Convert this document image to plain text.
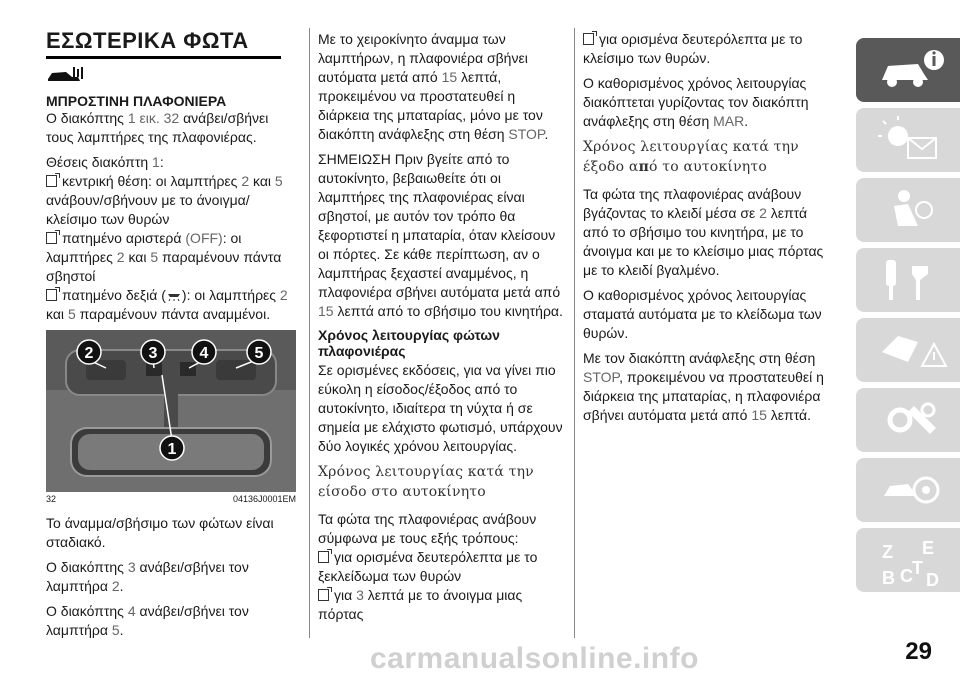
ΕΣΩΤΕΡΙΚΑ ΦΩΤΑ
ΜΠΡΟΣΤΙΝΗ ΠΛΑΦΟΝΙΕΡΑ

Ο διακόπτης 1 εικ. 32 ανάβει/σβήνει τους λαμπτήρες της πλαφονιέρας.

Θέσεις διακόπτη 1:
κεντρική θέση: οι λαμπτήρες 2 και 5 ανάβουν/σβήνουν με το άνοιγμα/κλείσιμο των θυρών
πατημένο αριστερά (OFF): οι λαμπτήρες 2 και 5 παραμένουν πάντα σβηστοί
πατημένο δεξιά ( ): οι λαμπτήρες 2 και 5 παραμένουν πάντα αναμμένοι.

2	3	4	5
1
32	04136J0001EM

Το άναμμα/σβήσιμο των φώτων είναι σταδιακό.

Ο διακόπτης 3 ανάβει/σβήνει τον λαμπτήρα 2.

Ο διακόπτης 4 ανάβει/σβήνει τον λαμπτήρα 5.

Με το χειροκίνητο άναμμα των λαμπτήρων, η πλαφονιέρα σβήνει αυτόματα μετά από 15 λεπτά, προκειμένου να προστατευθεί η διάρκεια της μπαταρίας, μόνο με τον διακόπτη ανάφλεξης στη θέση STOP.

ΣΗΜΕΙΩΣΗ Πριν βγείτε από το αυτοκίνητο, βεβαιωθείτε ότι οι λαμπτήρες της πλαφονιέρας είναι σβηστοί, με αυτόν τον τρόπο θα ξεφορτιστεί η μπαταρία, όταν κλείσουν οι πόρτες. Σε κάθε περίπτωση, αν ο λαμπτήρας ξεχαστεί αναμμένος, η πλαφονιέρα σβήνει αυτόματα μετά από 15 λεπτά από το σβήσιμο του κινητήρα.

Χρόνος λειτουργίας φώτων πλαφονιέρας

Σε ορισμένες εκδόσεις, για να γίνει πιο εύκολη η είσοδος/έξοδος από το αυτοκίνητο, ιδιαίτερα τη νύχτα ή σε σημεία με ελάχιστο φωτισμό, υπάρχουν δύο λογικές χρόνου λειτουργίας.

Χρόνος λειτουργίας κατά την είσοδο στο αυτοκίνητο

Τα φώτα της πλαφονιέρας ανάβουν σύμφωνα με τους εξής τρόπους:
για ορισμένα δευτερόλεπτα με το ξεκλείδωμα των θυρών
για 3 λεπτά με το άνοιγμα μιας πόρτας

για ορισμένα δευτερόλεπτα με το κλείσιμο των θυρών.

Ο καθορισμένος χρόνος λειτουργίας διακόπτεται γυρίζοντας τον διακόπτη ανάφλεξης στη θέση MAR.

Χρόνος λειτουργίας κατά την έξοδο από το αυτοκίνητο

Τα φώτα της πλαφονιέρας ανάβουν βγάζοντας το κλειδί μέσα σε 2 λεπτά από το σβήσιμο του κινητήρα, με το άνοιγμα και με το κλείσιμο μιας πόρτας με το κλειδί βγαλμένο.

Ο καθορισμένος χρόνος λειτουργίας σταματά αυτόματα με το κλείδωμα των θυρών.

Με τον διακόπτη ανάφλεξης στη θέση STOP, προκειμένου να προστατευθεί η διάρκεια της μπαταρίας, η πλαφονιέρα σβήνει αυτόματα μετά από 15 λεπτά.

Z E
B C T
D
29
carmanualsonline.info
